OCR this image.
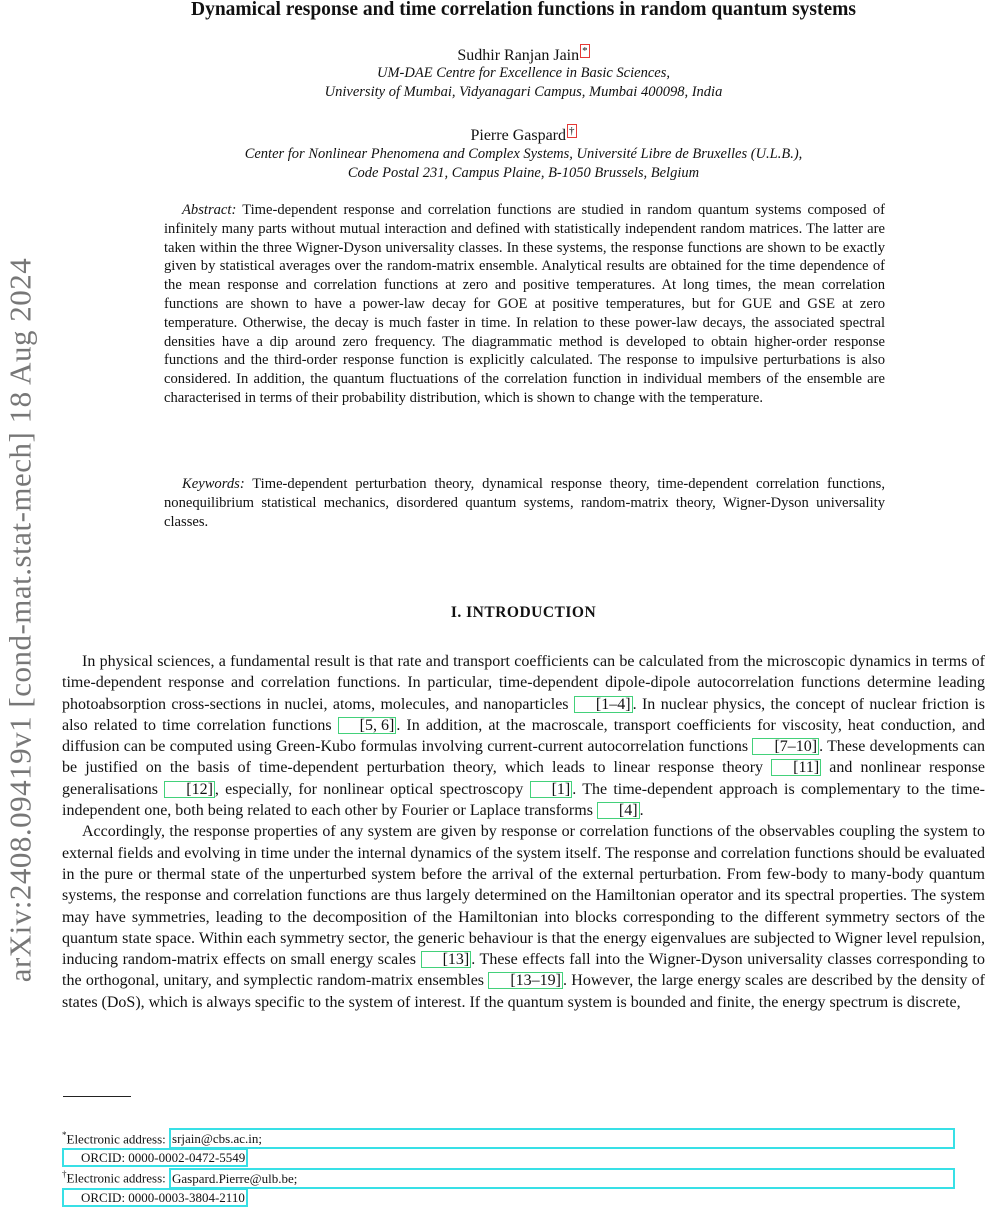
arXiv:2408.09419v1 [cond-mat.stat-mech] 18 Aug 2024
Dynamical response and time correlation functions in random quantum systems
Sudhir Ranjan Jain *
UM-DAE Centre for Excellence in Basic Sciences,
University of Mumbai, Vidyanagari Campus, Mumbai 400098, India
Pierre Gaspard †
Center for Nonlinear Phenomena and Complex Systems, Université Libre de Bruxelles (U.L.B.),
Code Postal 231, Campus Plaine, B-1050 Brussels, Belgium
Abstract: Time-dependent response and correlation functions are studied in random quantum systems composed of infinitely many parts without mutual interaction and defined with statistically independent random matrices. The latter are taken within the three Wigner-Dyson universality classes. In these systems, the response functions are shown to be exactly given by statistical averages over the random-matrix ensemble. Analytical results are obtained for the time dependence of the mean response and correlation functions at zero and positive temperatures. At long times, the mean correlation functions are shown to have a power-law decay for GOE at positive temperatures, but for GUE and GSE at zero temperature. Otherwise, the decay is much faster in time. In relation to these power-law decays, the associated spectral densities have a dip around zero frequency. The diagrammatic method is developed to obtain higher-order response functions and the third-order response function is explicitly calculated. The response to impulsive perturbations is also considered. In addition, the quantum fluctuations of the correlation function in individual members of the ensemble are characterised in terms of their probability distribution, which is shown to change with the temperature.
Keywords: Time-dependent perturbation theory, dynamical response theory, time-dependent correlation functions, nonequilibrium statistical mechanics, disordered quantum systems, random-matrix theory, Wigner-Dyson universality classes.
I. INTRODUCTION

In physical sciences, a fundamental result is that rate and transport coefficients can be calculated from the microscopic dynamics in terms of time-dependent response and correlation functions. In particular, time-dependent dipole-dipole autocorrelation functions determine leading photoabsorption cross-sections in nuclei, atoms, molecules, and nanoparticles [1–4] . In nuclear physics, the concept of nuclear friction is also related to time correlation functions [5, 6] . In addition, at the macroscale, transport coefficients for viscosity, heat conduction, and diffusion can be computed using Green-Kubo formulas involving current-current autocorrelation functions [7–10] . These developments can be justified on the basis of time-dependent perturbation theory, which leads to linear response theory [11] and nonlinear response generalisations [12] , especially, for nonlinear optical spectroscopy [1] . The time-dependent approach is complementary to the time-independent one, both being related to each other by Fourier or Laplace transforms [4] .

Accordingly, the response properties of any system are given by response or correlation functions of the observables coupling the system to external fields and evolving in time under the internal dynamics of the system itself. The response and correlation functions should be evaluated in the pure or thermal state of the unperturbed system before the arrival of the external perturbation. From few-body to many-body quantum systems, the response and correlation functions are thus largely determined on the Hamiltonian operator and its spectral properties. The system may have symmetries, leading to the decomposition of the Hamiltonian into blocks corresponding to the different symmetry sectors of the quantum state space. Within each symmetry sector, the generic behaviour is that the energy eigenvalues are subjected to Wigner level repulsion, inducing random-matrix effects on small energy scales [13] . These effects fall into the Wigner-Dyson universality classes corresponding to the orthogonal, unitary, and symplectic random-matrix ensembles [13–19] . However, the large energy scales are described by the density of states (DoS), which is always specific to the system of interest. If the quantum system is bounded and finite, the energy spectrum is discrete,

*Electronic address: srjain@cbs.ac.in;
ORCID: 0000-0002-0472-5549
†Electronic address: Gaspard.Pierre@ulb.be;
ORCID: 0000-0003-3804-2110
